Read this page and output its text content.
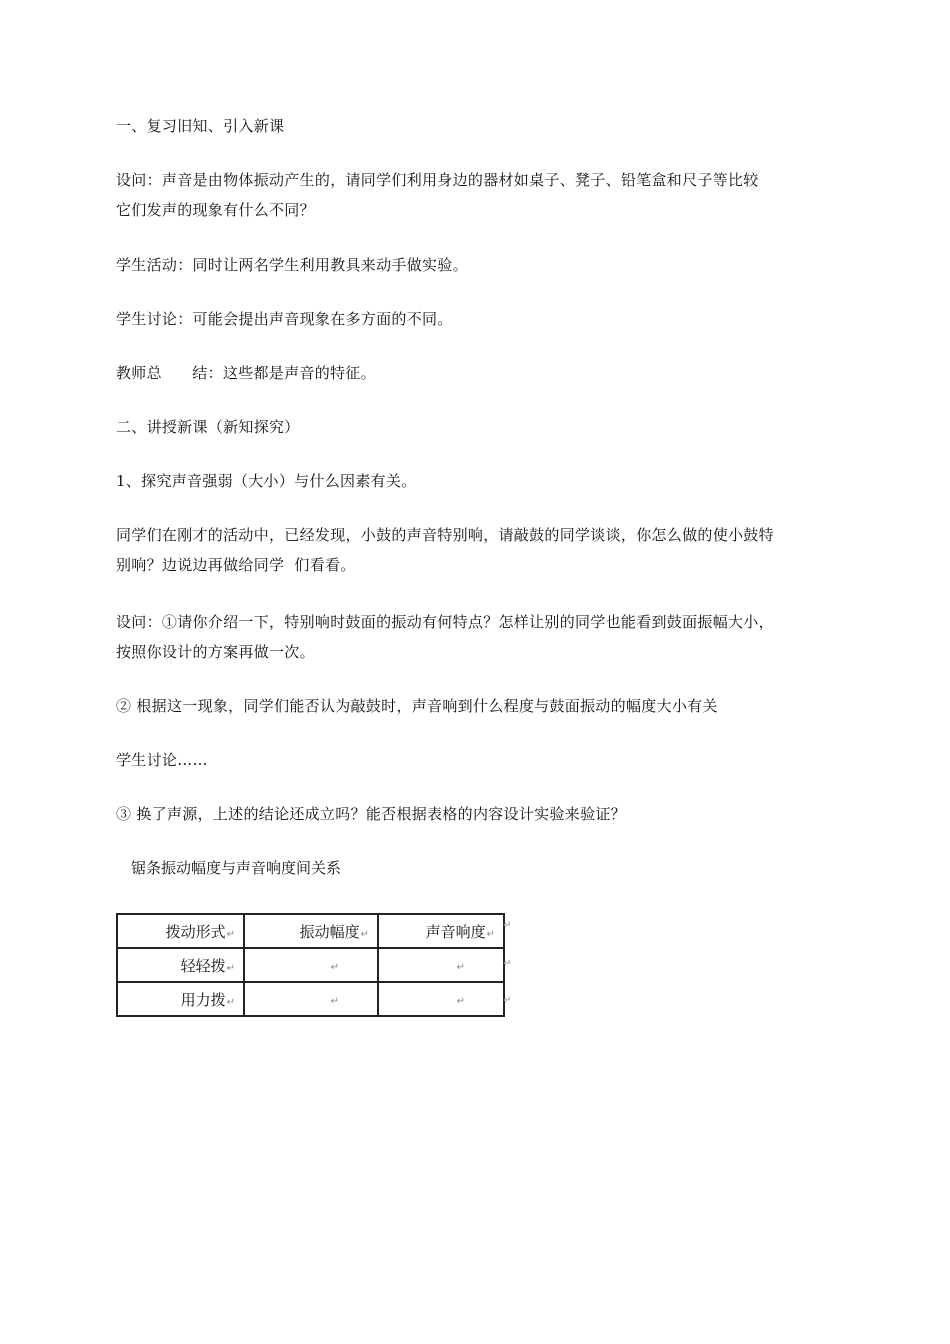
一、复习旧知、引入新课
设问：声音是由物体振动产生的，请同学们利用身边的器材如桌子、凳子、铅笔盒和尺子等比较
它们发声的现象有什么不同？
学生活动：同时让两名学生利用教具来动手做实验。
学生讨论：可能会提出声音现象在多方面的不同。
教师总      结：这些都是声音的特征。
二、讲授新课（新知探究）
1、探究声音强弱（大小）与什么因素有关。
同学们在刚才的活动中，已经发现，小鼓的声音特别响，请敲鼓的同学谈谈，你怎么做的使小鼓特
别响？边说边再做给同学  们看看。
设问：①请你介绍一下，特别响时鼓面的振动有何特点？怎样让别的同学也能看到鼓面振幅大小，
按照你设计的方案再做一次。
② 根据这一现象，同学们能否认为敲鼓时，声音响到什么程度与鼓面振动的幅度大小有关
学生讨论……
③ 换了声源，上述的结论还成立吗？能否根据表格的内容设计实验来验证？
锯条振动幅度与声音响度间关系
拨动形式↵	振动幅度↵	声音响度↵
轻轻拨↵	↵	↵
用力拨↵	↵	↵
↵
↵
↵
